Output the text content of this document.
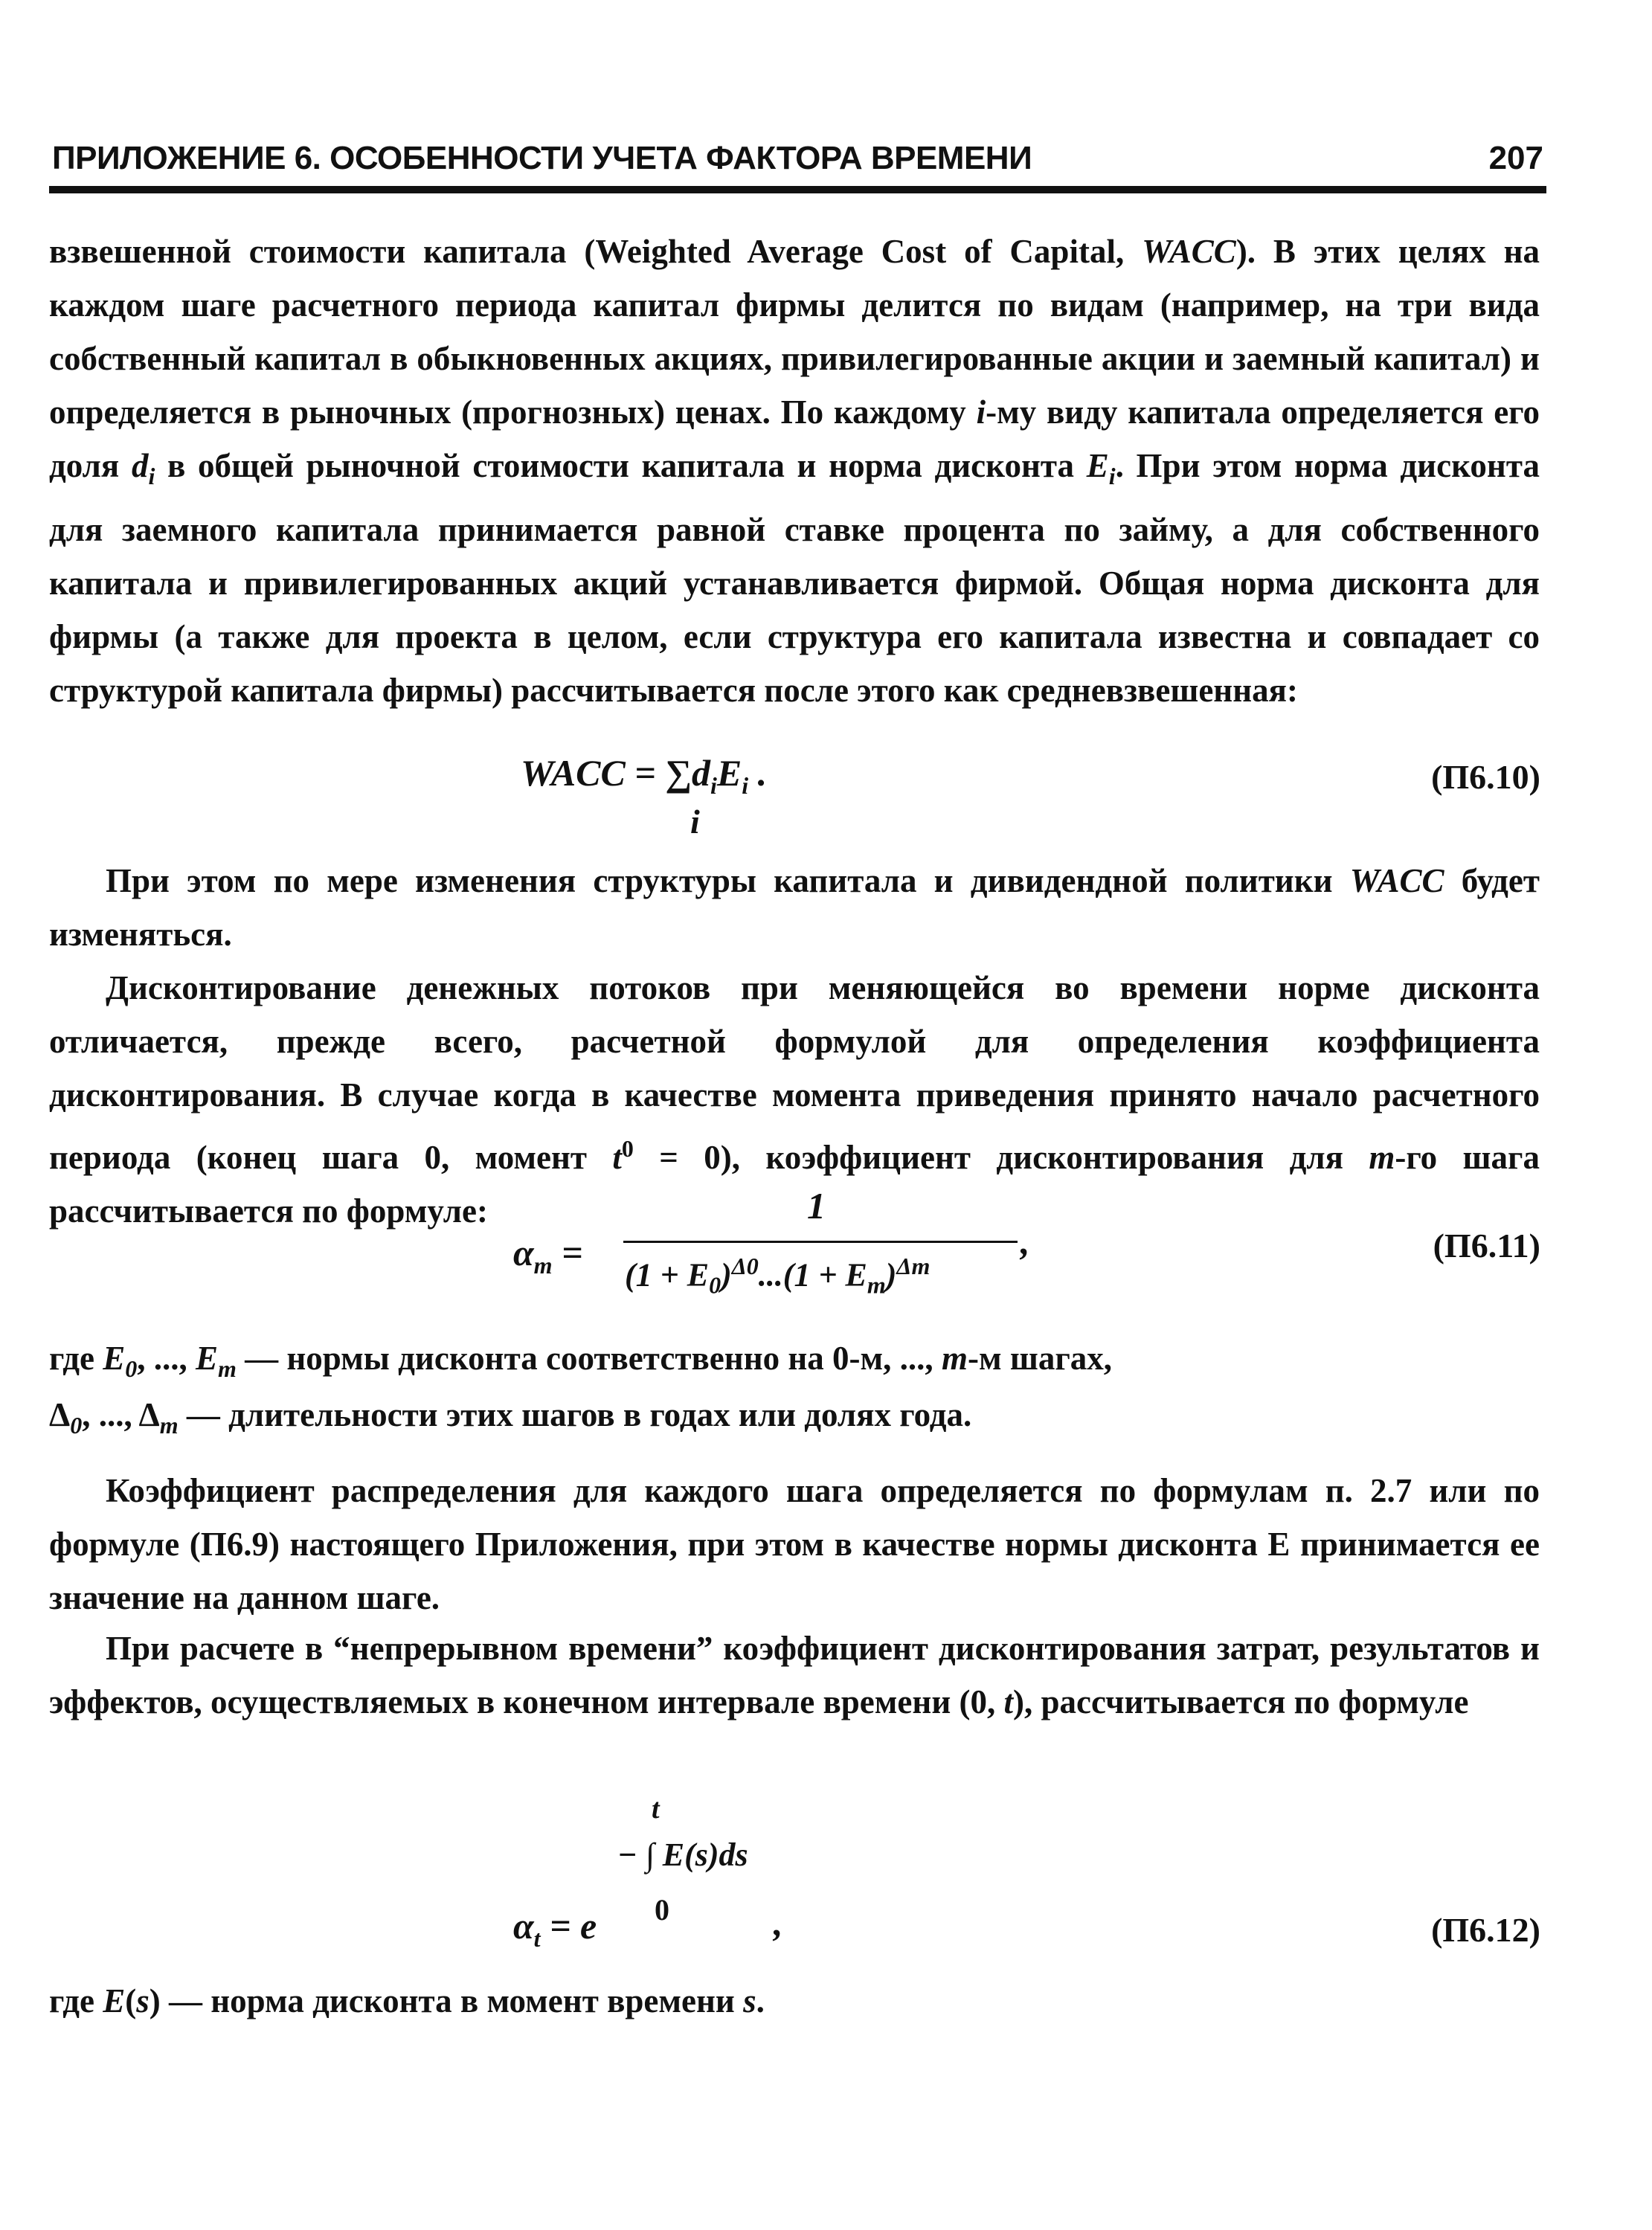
ПРИЛОЖЕНИЕ 6. ОСОБЕННОСТИ УЧЕТА ФАКТОРА ВРЕМЕНИ	207
взвешенной стоимости капитала (Weighted Average Cost of Capital, WACC). В этих целях на каждом шаге расчетного периода капитал фирмы делится по видам (например, на три вида собственный капитал в обыкновенных акциях, привилегированные акции и заемный капитал) и определяется в рыночных (прогнозных) ценах. По каждому i-му виду капитала определяется его доля $d_i$ в общей рыночной стоимости капитала и норма дисконта $E_i$. При этом норма дисконта для заемного капитала принимается равной ставке процента по займу, а для собственного капитала и привилегированных акций устанавливается фирмой. Общая норма дисконта для фирмы (а также для проекта в целом, если структура его капитала известна и совпадает со структурой капитала фирмы) рассчитывается после этого как средневзвешенная:
WACC = $\sum d_iE_i$ .
i
(П6.10)
При этом по мере изменения структуры капитала и дивидендной политики WACC будет изменяться.
Дисконтирование денежных потоков при меняющейся во времени норме дисконта отличается, прежде всего, расчетной формулой для определения коэффициента дисконтирования. В случае когда в качестве момента приведения принято начало расчетного периода (конец шага 0, момент $t^0 = 0$), коэффициент дисконтирования для m-го шага рассчитывается по формуле:
$\alpha_m$ =
1
$(1 + E_0)^{\Delta 0}...(1 + E_m)^{\Delta m}$
,	(П6.11)
где $E_0$, ..., $E_m$ — нормы дисконта соответственно на 0-м, ..., m-м шагах,
$\Delta_0$, ..., $\Delta_m$ — длительности этих шагов в годах или долях года.
Коэффициент распределения для каждого шага определяется по формулам п. 2.7 или по формуле (П6.9) настоящего Приложения, при этом в качестве нормы дисконта Е принимается ее значение на данном шаге.
При расчете в “непрерывном времени” коэффициент дисконтирования затрат, результатов и эффектов, осуществляемых в конечном интервале времени (0, t), рассчитывается по формуле
t
− ∫ E(s)ds
0
$\alpha_t = e$	,	(П6.12)
где E(s) — норма дисконта в момент времени s.
